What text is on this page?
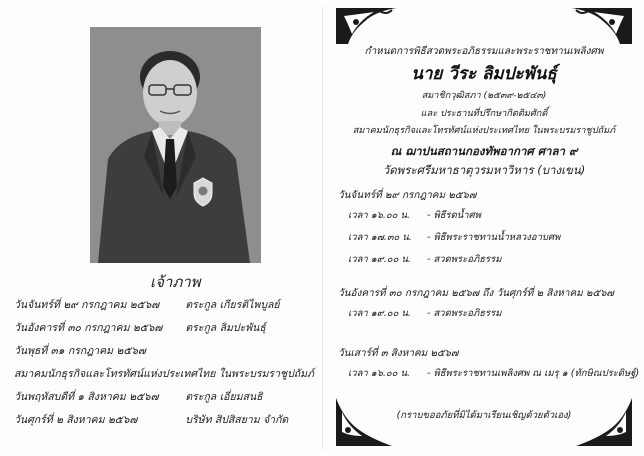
เจ้าภาพ
วันจันทร์ที่ ๒๙ กรกฎาคม ๒๕๖๗ ตระกูล เกียรติไพบูลย์
วันอังคารที่ ๓๐ กรกฎาคม ๒๕๖๗ ตระกูล ลิมปะพันธุ์
วันพุธที่ ๓๑ กรกฎาคม ๒๕๖๗
สมาคมนักธุรกิจและโทรทัศน์แห่งประเทศไทย ในพระบรมราชูปถัมภ์
วันพฤหัสบดีที่ ๑ สิงหาคม ๒๕๖๗	ตระกูล เอี่ยมสนธิ
วันศุกร์ที่ ๒ สิงหาคม ๒๕๖๗	บริษัท สิปสิสยาม จำกัด
กำหนดการพิธีสวดพระอภิธรรมและพระราชทานเพลิงศพ
นาย วีระ ลิมปะพันธุ์
สมาชิกวุฒิสภา (๒๕๓๙-๒๕๔๓)
และ ประธานที่ปรึกษากิตติมศักดิ์
สมาคมนักธุรกิจและโทรทัศน์แห่งประเทศไทย ในพระบรมราชูปถัมภ์
ณ ฌาปนสถานกองทัพอากาศ ศาลา ๙
วัดพระศรีมหาธาตุวรมหาวิหาร (บางเขน)
วันจันทร์ที่ ๒๙ กรกฎาคม ๒๕๖๗
เวลา ๑๖.๐๐ น. - พิธีรดน้ำศพ
เวลา ๑๗.๓๐ น. - พิธีพระราชทานน้ำหลวงอาบศพ
เวลา ๑๙.๐๐ น. - สวดพระอภิธรรม
วันอังคารที่ ๓๐ กรกฎาคม ๒๕๖๗ ถึง วันศุกร์ที่ ๒ สิงหาคม ๒๕๖๗
เวลา ๑๙.๐๐ น. - สวดพระอภิธรรม
วันเสาร์ที่ ๓ สิงหาคม ๒๕๖๗
เวลา ๑๖.๐๐ น. - พิธีพระราชทานเพลิงศพ ณ เมรุ ๑ (ทักษิณประดิษฐ์)
(กราบขออภัยที่มิได้มาเรียนเชิญด้วยตัวเอง)
